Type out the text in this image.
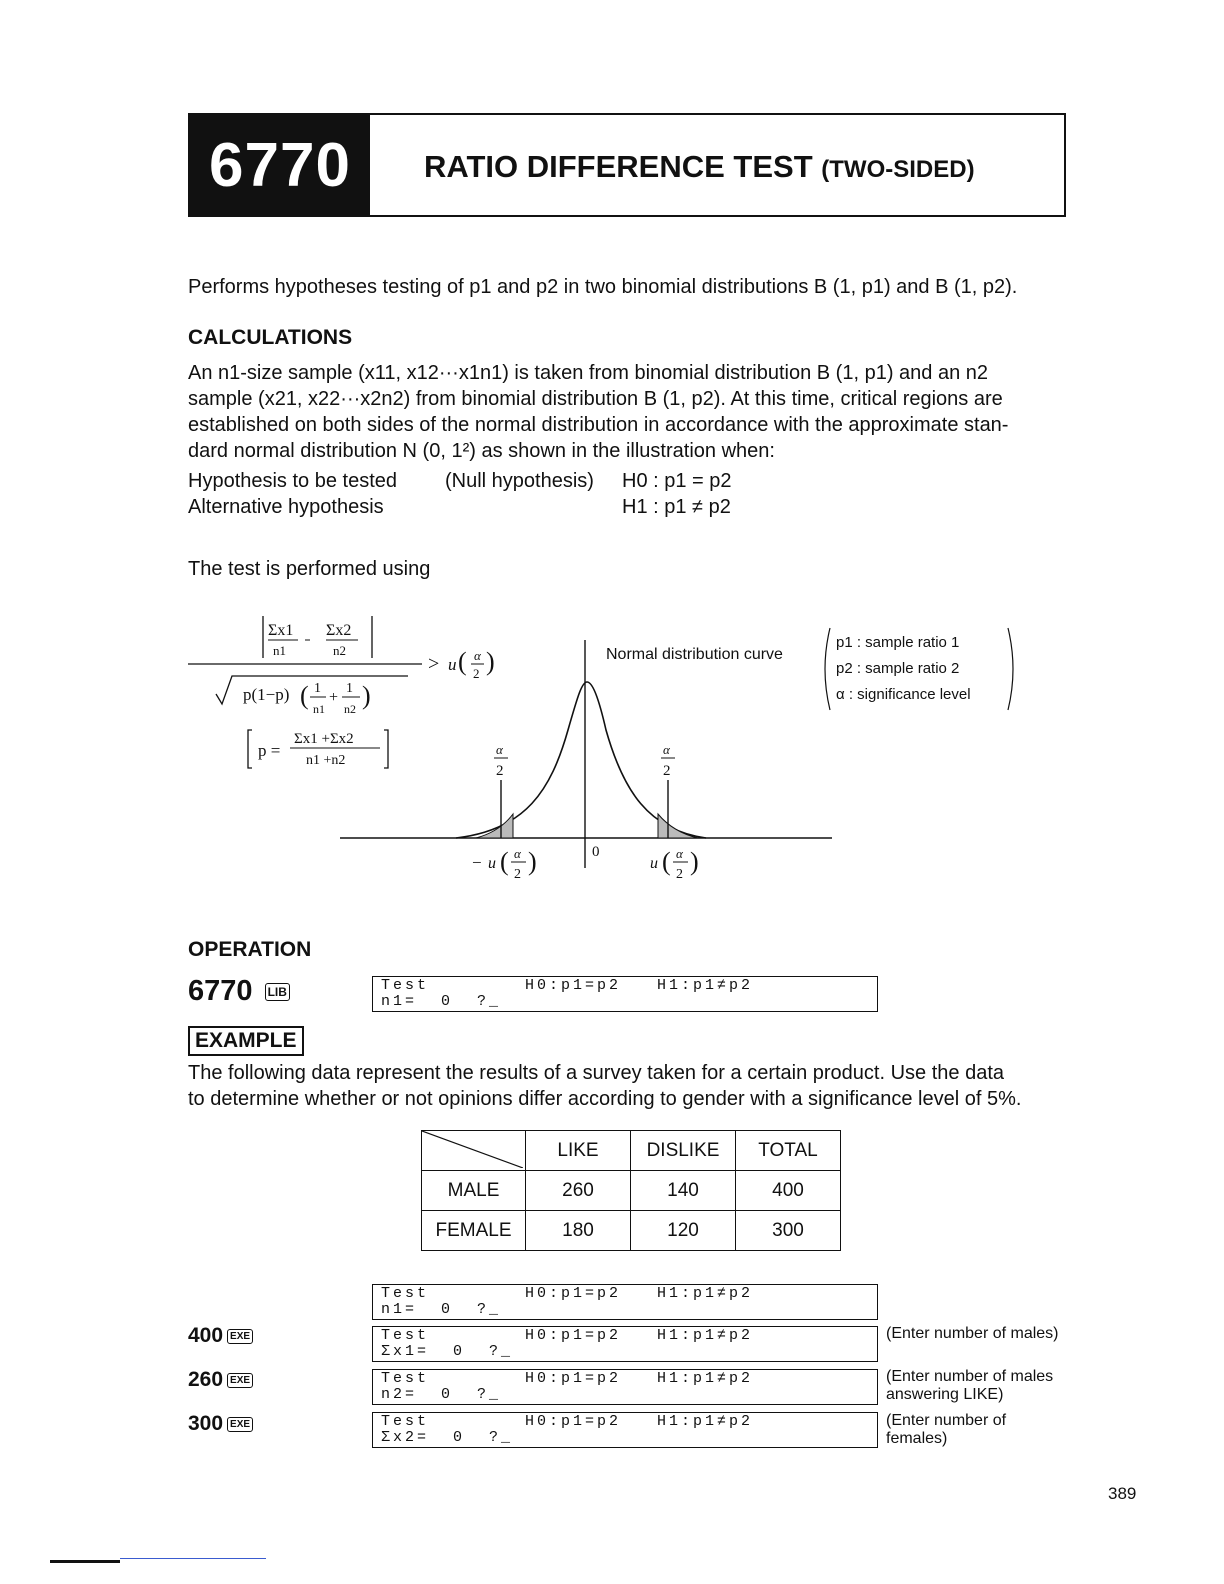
6770	RATIO DIFFERENCE TEST (TWO-SIDED)
Performs hypotheses testing of p1 and p2 in two binomial distributions B (1, p1) and B (1, p2).
CALCULATIONS
An n1-size sample (x11, x12···x1n1) is taken from binomial distribution B (1, p1) and an n2
sample (x21, x22···x2n2) from binomial distribution B (1, p2). At this time, critical regions are
established on both sides of the normal distribution in accordance with the approximate stan-
dard normal distribution N (0, 1²) as shown in the illustration when:
Hypothesis to be tested (Null hypothesis) H0 : p1 = p2
Alternative hypothesis	H1 : p1 ≠ p2
The test is performed using
Σx1
n1
Σx2
n2
> u ( α
2 )
p(1−p) ( 1
n1
+
1
n2 )
p =
Σx1 +Σx2
n1 +n2
α
2
α
2
0
− u ( α
2 )	u ( α
2 )
Normal distribution curve
p1 : sample ratio 1
p2 : sample ratio 2
α : significance level
OPERATION
6770 LIB	Test        H0:p1=p2   H1:p1≠p2
n1=  0  ?_
EXAMPLE
The following data represent the results of a survey taken for a certain product. Use the data
to determine whether or not opinions differ according to gender with a significance level of 5%.
	LIKE	DISLIKE	TOTAL
MALE	260	140	400
FEMALE	180	120	300
Test        H0:p1=p2   H1:p1≠p2
n1=  0  ?_
400 EXE	Test        H0:p1=p2   H1:p1≠p2
Σx1=  0  ?_
(Enter number of males)
260 EXE	Test        H0:p1=p2   H1:p1≠p2
n2=  0  ?_
(Enter number of males answering LIKE)
300 EXE	Test        H0:p1=p2   H1:p1≠p2
Σx2=  0  ?_
(Enter number of females)
389
